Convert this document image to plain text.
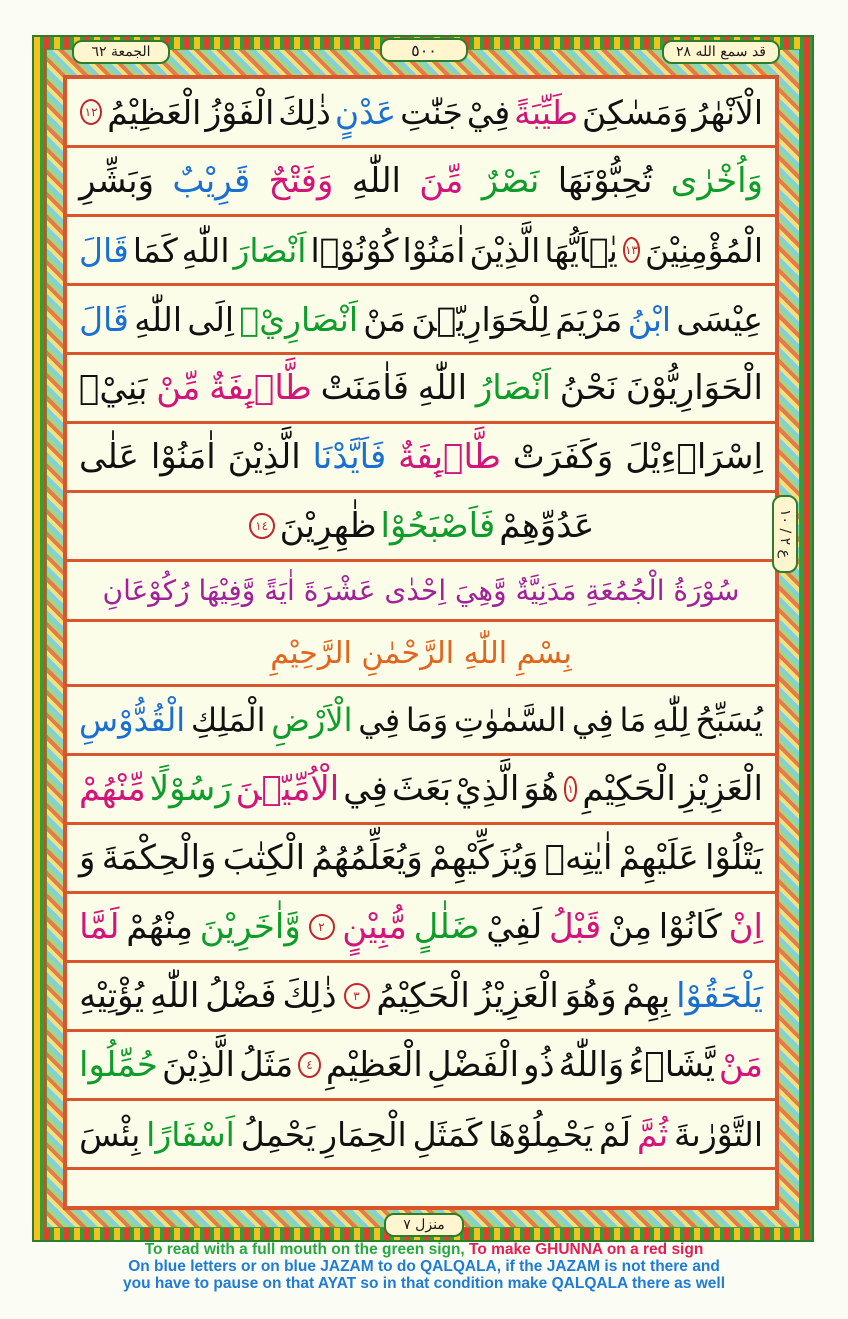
الجمعة ٦٢	٥٠٠	قد سمع الله ٢٨
الْاَنْهٰرُ
وَمَسٰكِنَ
طَيِّبَةً
فِيْ
جَنّٰتِ
عَدْنٍ
ذٰلِكَ
الْفَوْزُ
الْعَظِيْمُ
١٢
وَاُخْرٰى
تُحِبُّوْنَهَا
نَصْرٌ
مِّنَ
اللّٰهِ
وَفَتْحٌ
قَرِيْبٌ
وَبَشِّرِ
الْمُؤْمِنِيْنَ
١٣
يٰۤاَيُّهَا
الَّذِيْنَ
اٰمَنُوْا
كُوْنُوْۤا
اَنْصَارَ
اللّٰهِ
كَمَا
قَالَ
عِيْسَى
ابْنُ
مَرْيَمَ
لِلْحَوَارِيّٖنَ
مَنْ
اَنْصَارِيْۤ
اِلَى
اللّٰهِ
قَالَ
الْحَوَارِيُّوْنَ
نَحْنُ
اَنْصَارُ
اللّٰهِ
فَاٰمَنَتْ
طَّاۤىِٕفَةٌ
مِّنْ
بَنِيْۤ
اِسْرَاۤءِيْلَ
وَكَفَرَتْ
طَّاۤىِٕفَةٌ
فَاَيَّدْنَا
الَّذِيْنَ
اٰمَنُوْا
عَلٰى
عَدُوِّهِمْ
فَاَصْبَحُوْا
ظٰهِرِيْنَ
١٤
سُوْرَةُ الْجُمُعَةِ مَدَنِيَّةٌ وَّهِيَ اِحْدٰى عَشْرَةَ اٰيَةً وَّفِيْهَا رُكُوْعَانِ
بِسْمِ اللّٰهِ الرَّحْمٰنِ الرَّحِيْمِ
يُسَبِّحُ
لِلّٰهِ
مَا
فِي
السَّمٰوٰتِ
وَمَا
فِي
الْاَرْضِ
الْمَلِكِ
الْقُدُّوْسِ
الْعَزِيْزِ
الْحَكِيْمِ
١
هُوَ
الَّذِيْ
بَعَثَ
فِي
الْاُمِّيّٖنَ
رَسُوْلًا
مِّنْهُمْ
يَتْلُوْا
عَلَيْهِمْ
اٰيٰتِهٖ
وَيُزَكِّيْهِمْ
وَيُعَلِّمُهُمُ
الْكِتٰبَ
وَالْحِكْمَةَ
وَ
اِنْ
كَانُوْا
مِنْ
قَبْلُ
لَفِيْ
ضَلٰلٍ
مُّبِيْنٍ
٢
وَّاٰخَرِيْنَ
مِنْهُمْ
لَمَّا
يَلْحَقُوْا
بِهِمْ
وَهُوَ
الْعَزِيْزُ
الْحَكِيْمُ
٣
ذٰلِكَ
فَضْلُ
اللّٰهِ
يُؤْتِيْهِ
مَنْ
يَّشَاۤءُ
وَاللّٰهُ
ذُو
الْفَضْلِ
الْعَظِيْمِ
٤
مَثَلُ
الَّذِيْنَ
حُمِّلُوا
التَّوْرٰىةَ
ثُمَّ
لَمْ
يَحْمِلُوْهَا
كَمَثَلِ
الْحِمَارِ
يَحْمِلُ
اَسْفَارًا
بِئْسَ
ع ٢ / ١٠
منزل ٧
To read with a full mouth on the green sign, To make GHUNNA on a red sign
On blue letters or on blue JAZAM to do QALQALA, if the JAZAM is not there and
you have to pause on that AYAT so in that condition make QALQALA there as well
